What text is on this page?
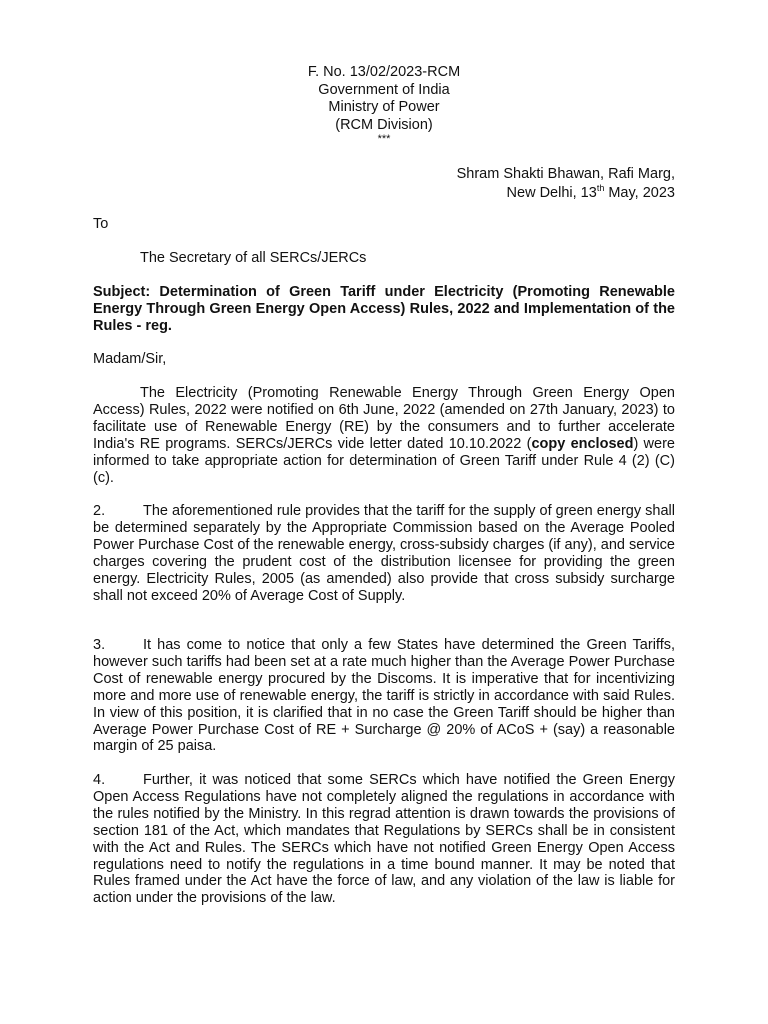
F. No. 13/02/2023-RCM
Government of India
Ministry of Power
(RCM Division)
***
Shram Shakti Bhawan, Rafi Marg,
New Delhi, 13th May, 2023
To
The Secretary of all SERCs/JERCs
Subject: Determination of Green Tariff under Electricity (Promoting Renewable Energy Through Green Energy Open Access) Rules, 2022 and Implementation of the Rules - reg.
Madam/Sir,
The Electricity (Promoting Renewable Energy Through Green Energy Open Access) Rules, 2022 were notified on 6th June, 2022 (amended on 27th January, 2023) to facilitate use of Renewable Energy (RE) by the consumers and to further accelerate India's RE programs. SERCs/JERCs vide letter dated 10.10.2022 (copy enclosed) were informed to take appropriate action for determination of Green Tariff under Rule 4 (2) (C) (c).
2.	The aforementioned rule provides that the tariff for the supply of green energy shall be determined separately by the Appropriate Commission based on the Average Pooled Power Purchase Cost of the renewable energy, cross-subsidy charges (if any), and service charges covering the prudent cost of the distribution licensee for providing the green energy. Electricity Rules, 2005 (as amended) also provide that cross subsidy surcharge shall not exceed 20% of Average Cost of Supply.
3.	It has come to notice that only a few States have determined the Green Tariffs, however such tariffs had been set at a rate much higher than the Average Power Purchase Cost of renewable energy procured by the Discoms. It is imperative that for incentivizing more and more use of renewable energy, the tariff is strictly in accordance with said Rules. In view of this position, it is clarified that in no case the Green Tariff should be higher than Average Power Purchase Cost of RE + Surcharge @ 20% of ACoS + (say) a reasonable margin of 25 paisa.
4.	Further, it was noticed that some SERCs which have notified the Green Energy Open Access Regulations have not completely aligned the regulations in accordance with the rules notified by the Ministry. In this regrad attention is drawn towards the provisions of section 181 of the Act, which mandates that Regulations by SERCs shall be in consistent with the Act and Rules. The SERCs which have not notified Green Energy Open Access regulations need to notify the regulations in a time bound manner. It may be noted that Rules framed under the Act have the force of law, and any violation of the law is liable for action under the provisions of the law.
